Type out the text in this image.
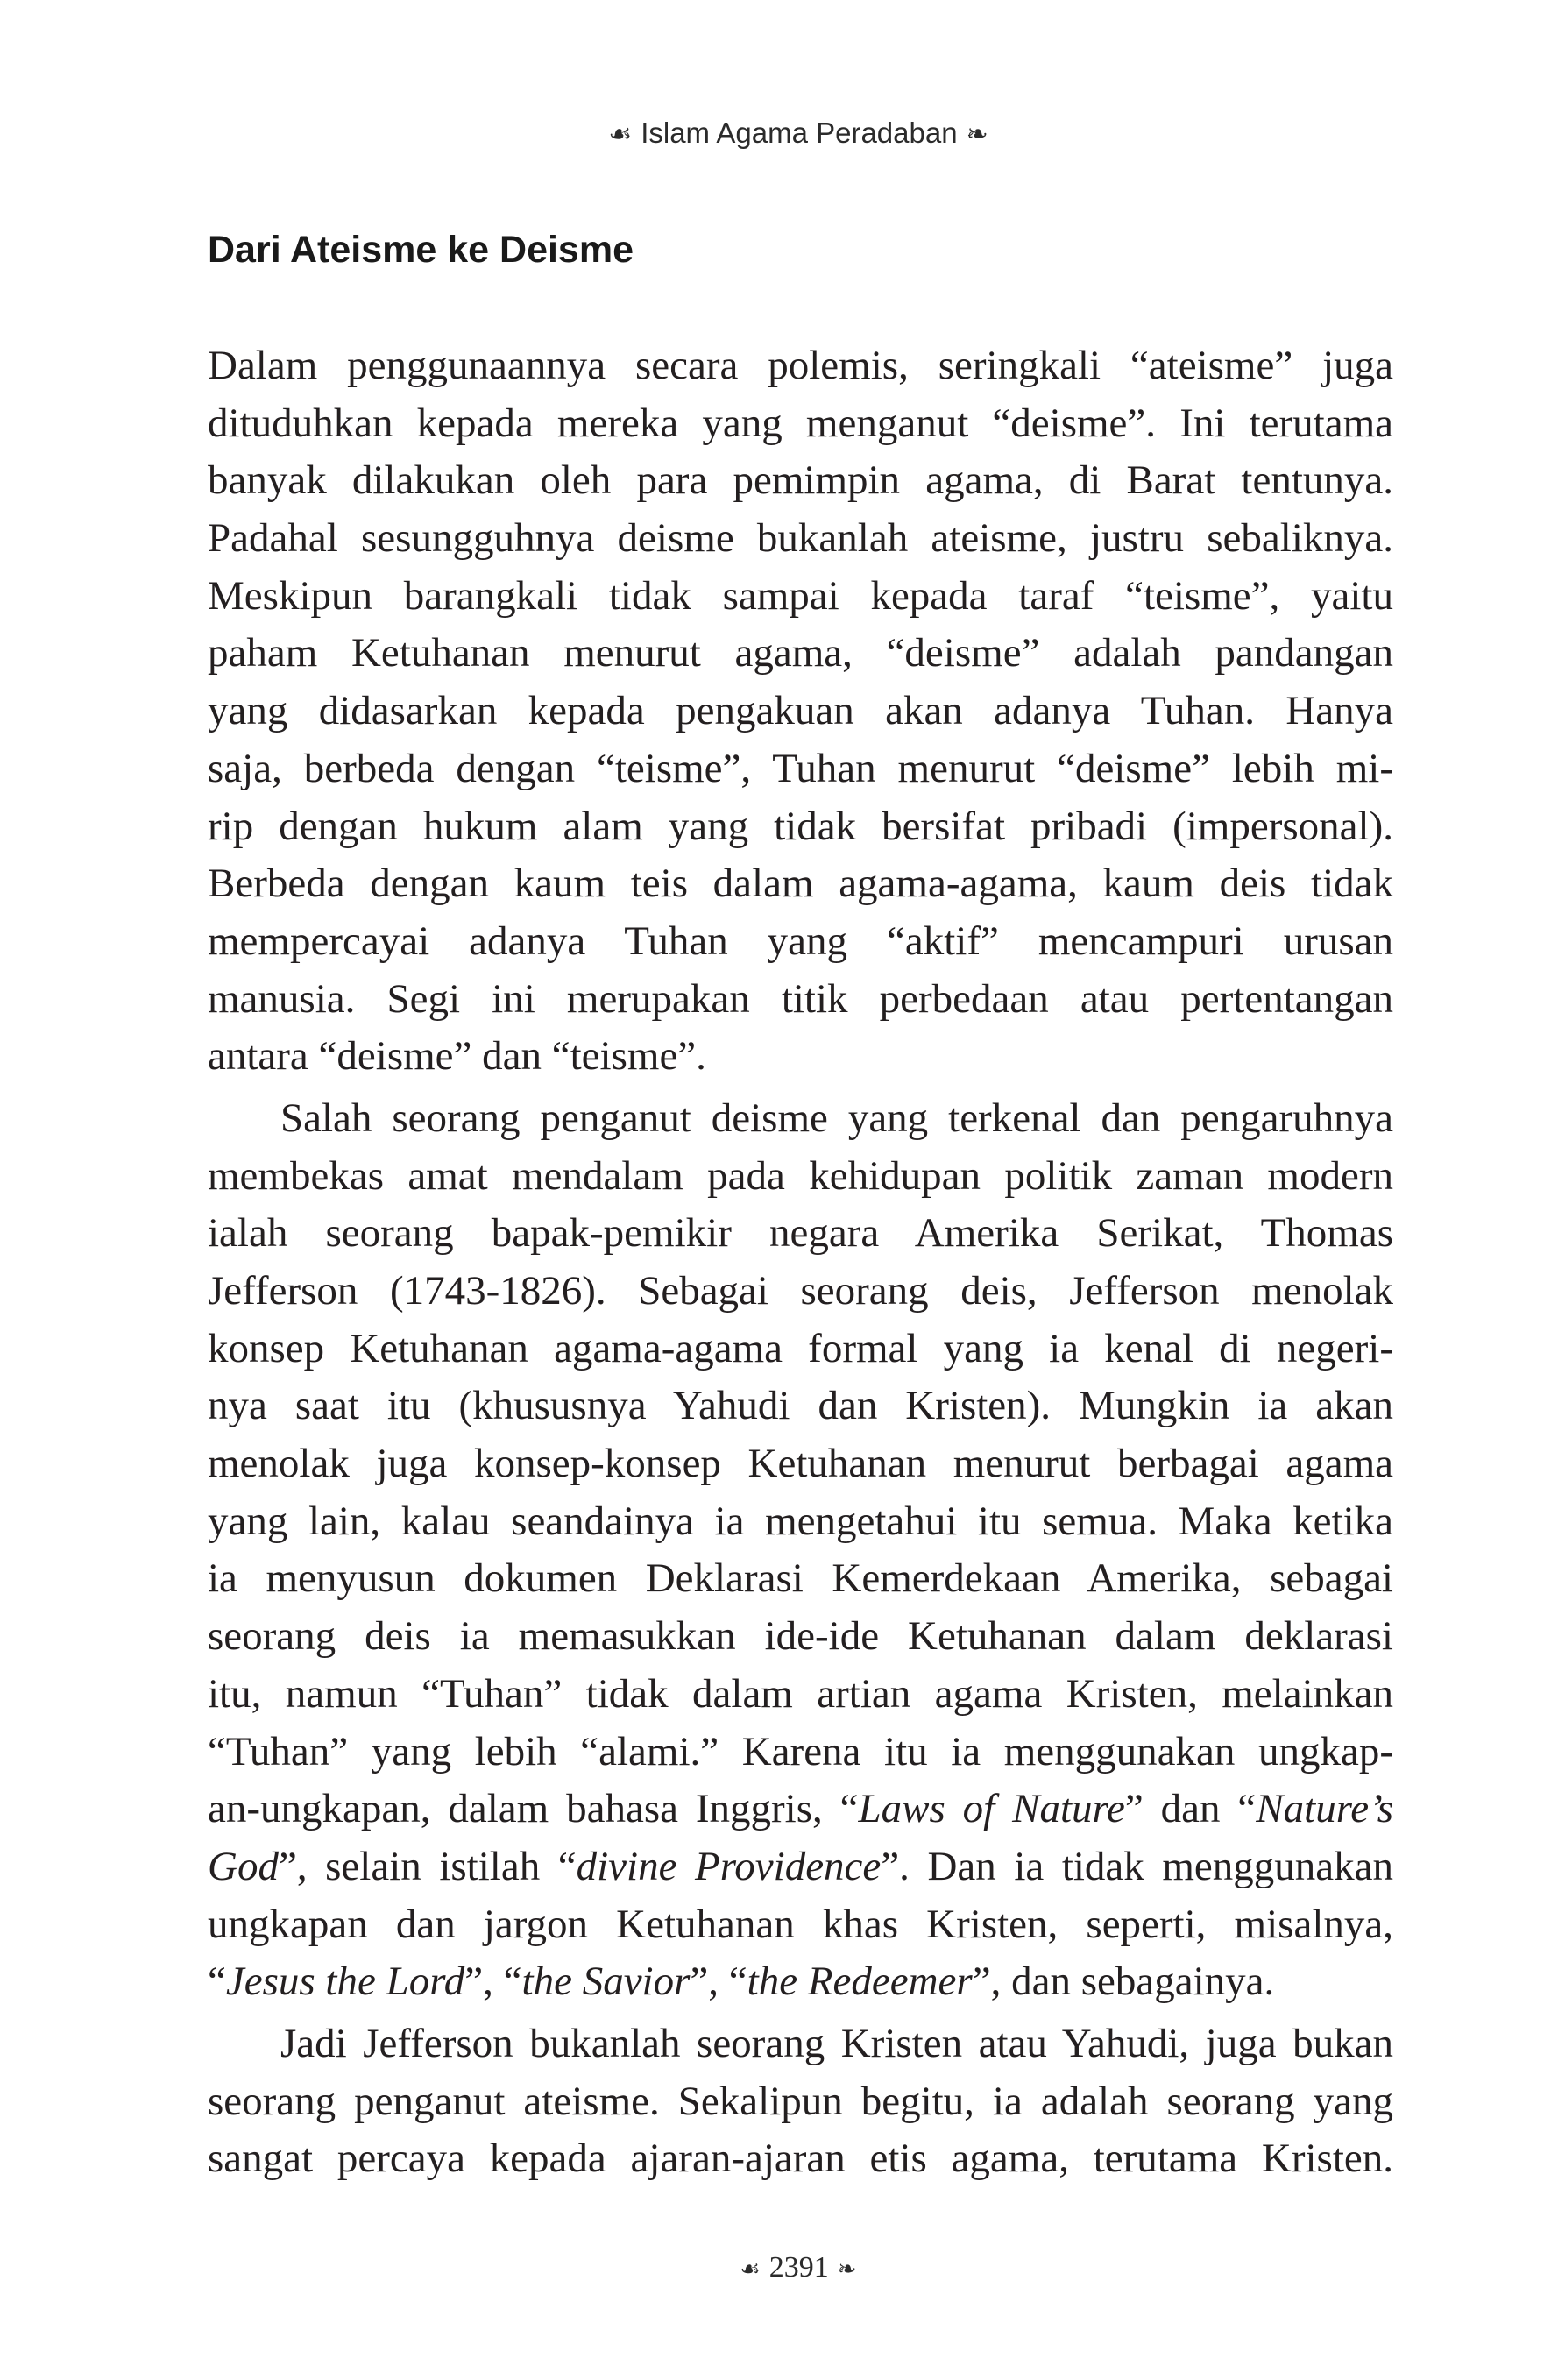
☙Islam Agama Peradaban❧
Dari Ateisme ke Deisme
Dalam penggunaannya secara polemis, seringkali “ateisme” juga
dituduhkan kepada mereka yang menganut “deisme”. Ini terutama
banyak dilakukan oleh para pemimpin agama, di Barat tentunya.
Padahal sesungguhnya deisme bukanlah ateisme, justru sebaliknya.
Meskipun barangkali tidak sampai kepada taraf “teisme”, yaitu
paham Ketuhanan menurut agama, “deisme” adalah pandangan
yang didasarkan kepada pengakuan akan adanya Tuhan. Hanya
saja, berbeda dengan “teisme”, Tuhan menurut “deisme” lebih mi-
rip dengan hukum alam yang tidak bersifat pribadi (impersonal).
Berbeda dengan kaum teis dalam agama-agama, kaum deis tidak
mempercayai adanya Tuhan yang “aktif” mencampuri urusan
manusia. Segi ini merupakan titik perbedaan atau pertentangan
antara “deisme” dan “teisme”.
Salah seorang penganut deisme yang terkenal dan pengaruhnya
membekas amat mendalam pada kehidupan politik zaman modern
ialah seorang bapak-pemikir negara Amerika Serikat, Thomas
Jefferson (1743-1826). Sebagai seorang deis, Jefferson menolak
konsep Ketuhanan agama-agama formal yang ia kenal di negeri-
nya saat itu (khususnya Yahudi dan Kristen). Mungkin ia akan
menolak juga konsep-konsep Ketuhanan menurut berbagai agama
yang lain, kalau seandainya ia mengetahui itu semua. Maka ketika
ia menyusun dokumen Deklarasi Kemerdekaan Amerika, sebagai
seorang deis ia memasukkan ide-ide Ketuhanan dalam deklarasi
itu, namun “Tuhan” tidak dalam artian agama Kristen, melainkan
“Tuhan” yang lebih “alami.” Karena itu ia menggunakan ungkap-
an-ungkapan, dalam bahasa Inggris, “Laws of Nature” dan “Nature’s
God”, selain istilah “divine Providence”. Dan ia tidak menggunakan
ungkapan dan jargon Ketuhanan khas Kristen, seperti, misalnya,
“Jesus the Lord”, “the Savior”, “the Redeemer”, dan sebagainya.
Jadi Jefferson bukanlah seorang Kristen atau Yahudi, juga bukan
seorang penganut ateisme. Sekalipun begitu, ia adalah seorang yang
sangat percaya kepada ajaran-ajaran etis agama, terutama Kristen.
☙2391❧
